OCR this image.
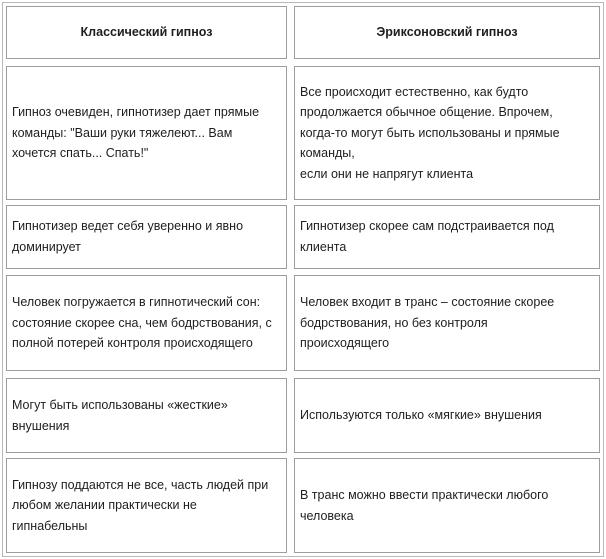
Классический гипноз	Эриксоновский гипноз
Гипноз очевиден, гипнотизер дает прямые
команды: "Ваши руки тяжелеют... Вам
хочется спать... Спать!"
Все происходит естественно, как будто
продолжается обычное общение. Впрочем,
когда-то могут быть использованы и прямые
команды,
если они не напрягут клиента
Гипнотизер ведет себя уверенно и явно
доминирует
Гипнотизер скорее сам подстраивается под
клиента
Человек погружается в гипнотический сон:
состояние скорее сна, чем бодрствования, с
полной потерей контроля происходящего
Человек входит в транс – состояние скорее
бодрствования, но без контроля
происходящего
Могут быть использованы «жесткие»
внушения
Используются только «мягкие» внушения
Гипнозу поддаются не все, часть людей при
любом желании практически не
гипнабельны
В транс можно ввести практически любого
человека
